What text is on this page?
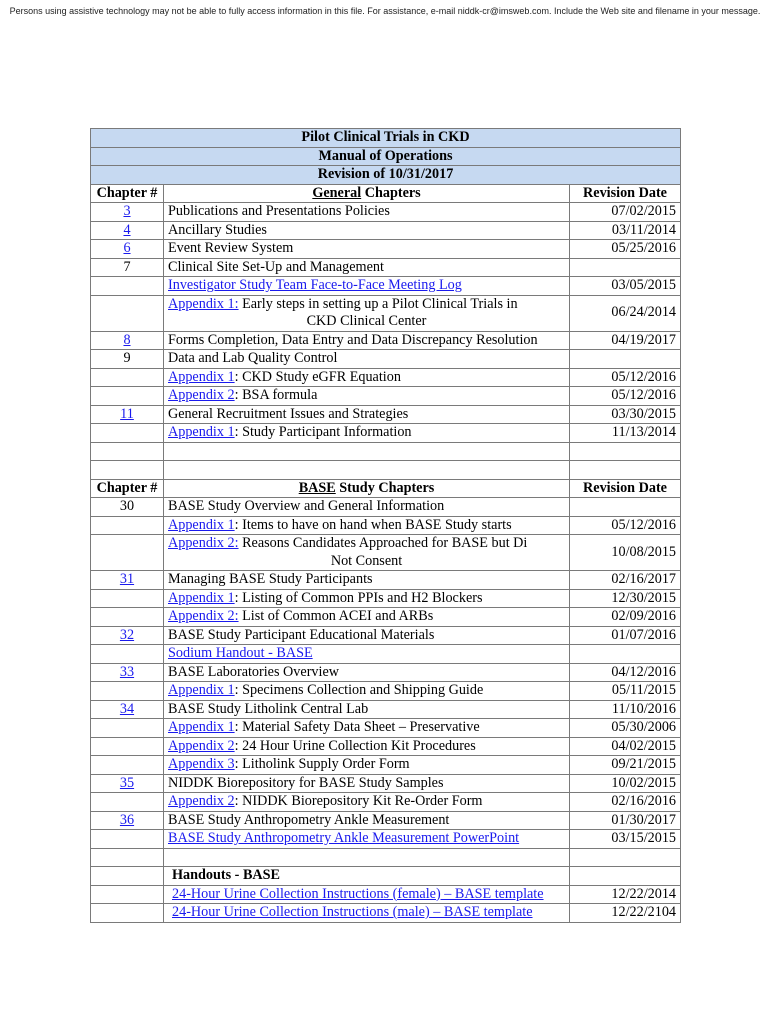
Persons using assistive technology may not be able to fully access information in this file. For assistance, e-mail niddk-cr@imsweb.com. Include the Web site and filename in your message.
Pilot Clinical Trials in CKD		
Manual of Operations		
Revision of 10/31/2017		
Chapter #	General Chapters	Revision Date
3	Publications and Presentations Policies	07/02/2015
4	Ancillary Studies	03/11/2014
6	Event Review System	05/25/2016
7	Clinical Site Set-Up and Management	
	Investigator Study Team Face-to-Face Meeting Log	03/05/2015
	Appendix 1: Early steps in setting up a Pilot Clinical Trials in

CKD Clinical Center	06/24/2014
8	Forms Completion, Data Entry and Data Discrepancy Resolution	04/19/2017
9	Data and Lab Quality Control	
	Appendix 1: CKD Study eGFR Equation	05/12/2016
	Appendix 2: BSA formula	05/12/2016
11	General Recruitment Issues and Strategies	03/30/2015
	Appendix 1: Study Participant Information	11/13/2014

Chapter #	BASE Study Chapters	Revision Date
30	BASE Study Overview and General Information	
	Appendix 1: Items to have on hand when BASE Study starts	05/12/2016
	Appendix 2: Reasons Candidates Approached for BASE but Di

Not Consent	10/08/2015
31	Managing BASE Study Participants	02/16/2017
	Appendix 1: Listing of Common PPIs and H2 Blockers	12/30/2015
	Appendix 2: List of Common ACEI and ARBs	02/09/2016
32	BASE Study Participant Educational Materials	01/07/2016
	Sodium Handout - BASE	
33	BASE Laboratories Overview	04/12/2016
	Appendix 1: Specimens Collection and Shipping Guide	05/11/2015
34	BASE Study Litholink Central Lab	11/10/2016
	Appendix 1: Material Safety Data Sheet – Preservative	05/30/2006
	Appendix 2: 24 Hour Urine Collection Kit Procedures	04/02/2015
	Appendix 3: Litholink Supply Order Form	09/21/2015
35	NIDDK Biorepository for BASE Study Samples	10/02/2015
	Appendix 2: NIDDK Biorepository Kit Re-Order Form	02/16/2016
36	BASE Study Anthropometry Ankle Measurement	01/30/2017
	BASE Study Anthropometry Ankle Measurement PowerPoint	03/15/2015

	Handouts - BASE	
	24-Hour Urine Collection Instructions (female) – BASE template	12/22/2014
	24-Hour Urine Collection Instructions (male) – BASE template	12/22/2104
